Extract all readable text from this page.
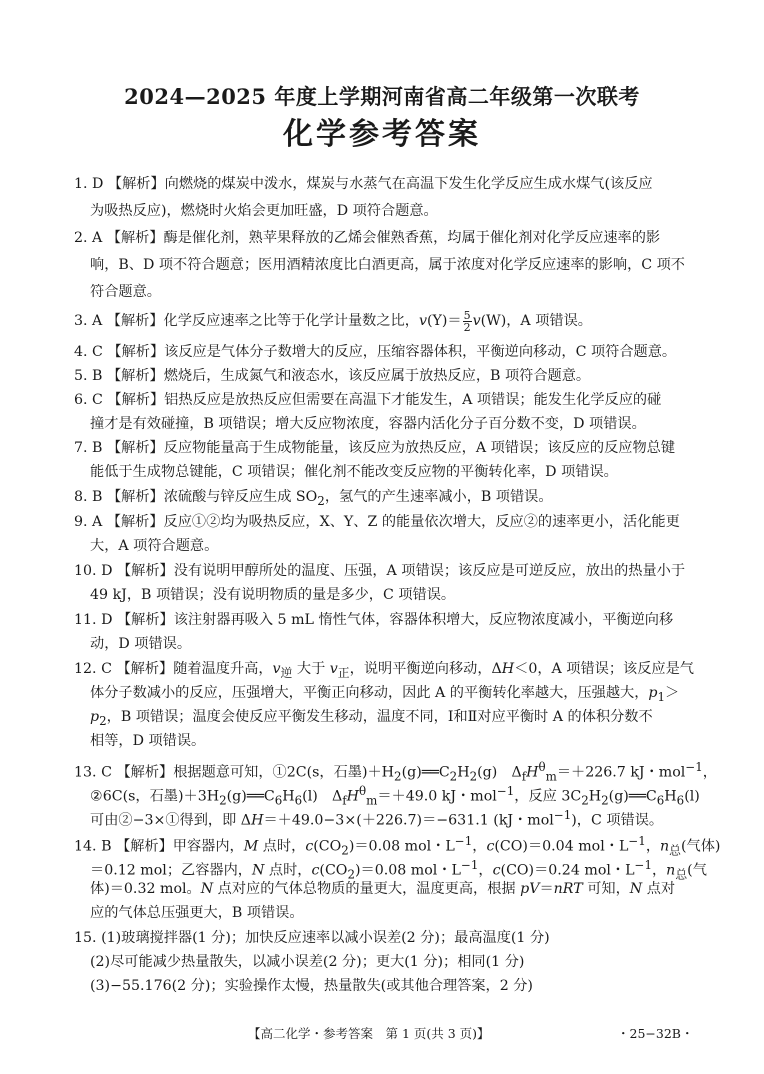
2024—2025 年度上学期河南省高二年级第一次联考
化学参考答案
1. D 【解析】向燃烧的煤炭中泼水，煤炭与水蒸气在高温下发生化学反应生成水煤气(该反应
为吸热反应)，燃烧时火焰会更加旺盛，D 项符合题意。
2. A 【解析】酶是催化剂，熟苹果释放的乙烯会催熟香蕉，均属于催化剂对化学反应速率的影
响，B、D 项不符合题意；医用酒精浓度比白酒更高，属于浓度对化学反应速率的影响，C 项不
符合题意。
3. A 【解析】化学反应速率之比等于化学计量数之比，$v(Y)= \frac{5}{2} v(W)$，A 项错误。
4. C 【解析】该反应是气体分子数增大的反应，压缩容器体积，平衡逆向移动，C 项符合题意。
5. B 【解析】燃烧后，生成氮气和液态水，该反应属于放热反应，B 项符合题意。
6. C 【解析】铝热反应是放热反应但需要在高温下才能发生，A 项错误；能发生化学反应的碰
撞才是有效碰撞，B 项错误；增大反应物浓度，容器内活化分子百分数不变，D 项错误。
7. B 【解析】反应物能量高于生成物能量，该反应为放热反应，A 项错误；该反应的反应物总键
能低于生成物总键能，C 项错误；催化剂不能改变反应物的平衡转化率，D 项错误。
8. B 【解析】浓硫酸与锌反应生成 $SO_2$，氢气的产生速率减小，B 项错误。
9. A 【解析】反应①②均为吸热反应，X、Y、Z 的能量依次增大，反应②的速率更小，活化能更
大，A 项符合题意。
10. D 【解析】没有说明甲醇所处的温度、压强，A 项错误；该反应是可逆反应，放出的热量小于
49 kJ，B 项错误；没有说明物质的量是多少，C 项错误。
11. D 【解析】该注射器再吸入 5 mL 惰性气体，容器体积增大，反应物浓度减小，平衡逆向移
动，D 项错误。
12. C 【解析】随着温度升高，$v_逆$ 大于 $v_正$，说明平衡逆向移动，ΔH＜0，A 项错误；该反应是气
体分子数减小的反应，压强增大，平衡正向移动，因此 A 的平衡转化率越大，压强越大，$p_1>$
$p_2$，B 项错误；温度会使反应平衡发生移动，温度不同，Ⅰ和Ⅱ对应平衡时 A 的体积分数不
相等，D 项错误。
13. C 【解析】根据题意可知，①2C(s，石墨)$+H_2(g)══C_2H_2(g)$　$\Delta_fH^\theta_m=+226.7$ kJ・mol$^{-1}$，
②6C(s，石墨)$+3H_2(g)══C_6H_6(l)$　$\Delta_fH^\theta_m=+49.0$ kJ・mol$^{-1}$，反应 $3C_2H_2(g)══C_6H_6(l)$
可由②−3×①得到，即 ΔH＝＋49.0−3×(＋226.7)＝−631.1 (kJ・mol$^{-1}$)，C 项错误。
14. B 【解析】甲容器内，M 点时，$c(CO_2)=0.08$ mol・$L^{-1}$，c(CO)＝0.04 mol・$L^{-1}$，$n_总$(气体)
＝0.12 mol；乙容器内，N 点时，$c(CO_2)=0.08$ mol・$L^{-1}$，c(CO)＝0.24 mol・$L^{-1}$，$n_总$(气
体)＝0.32 mol。N 点对应的气体总物质的量更大，温度更高，根据 pV＝nRT 可知，N 点对
应的气体总压强更大，B 项错误。
15. (1)玻璃搅拌器(1 分)；加快反应速率以减小误差(2 分)；最高温度(1 分)
(2)尽可能减少热量散失，以减小误差(2 分)；更大(1 分)；相同(1 分)
(3)−55.176(2 分)；实验操作太慢，热量散失(或其他合理答案，2 分)
【高二化学・参考答案　第 1 页(共 3 页)】	・25−32B・
